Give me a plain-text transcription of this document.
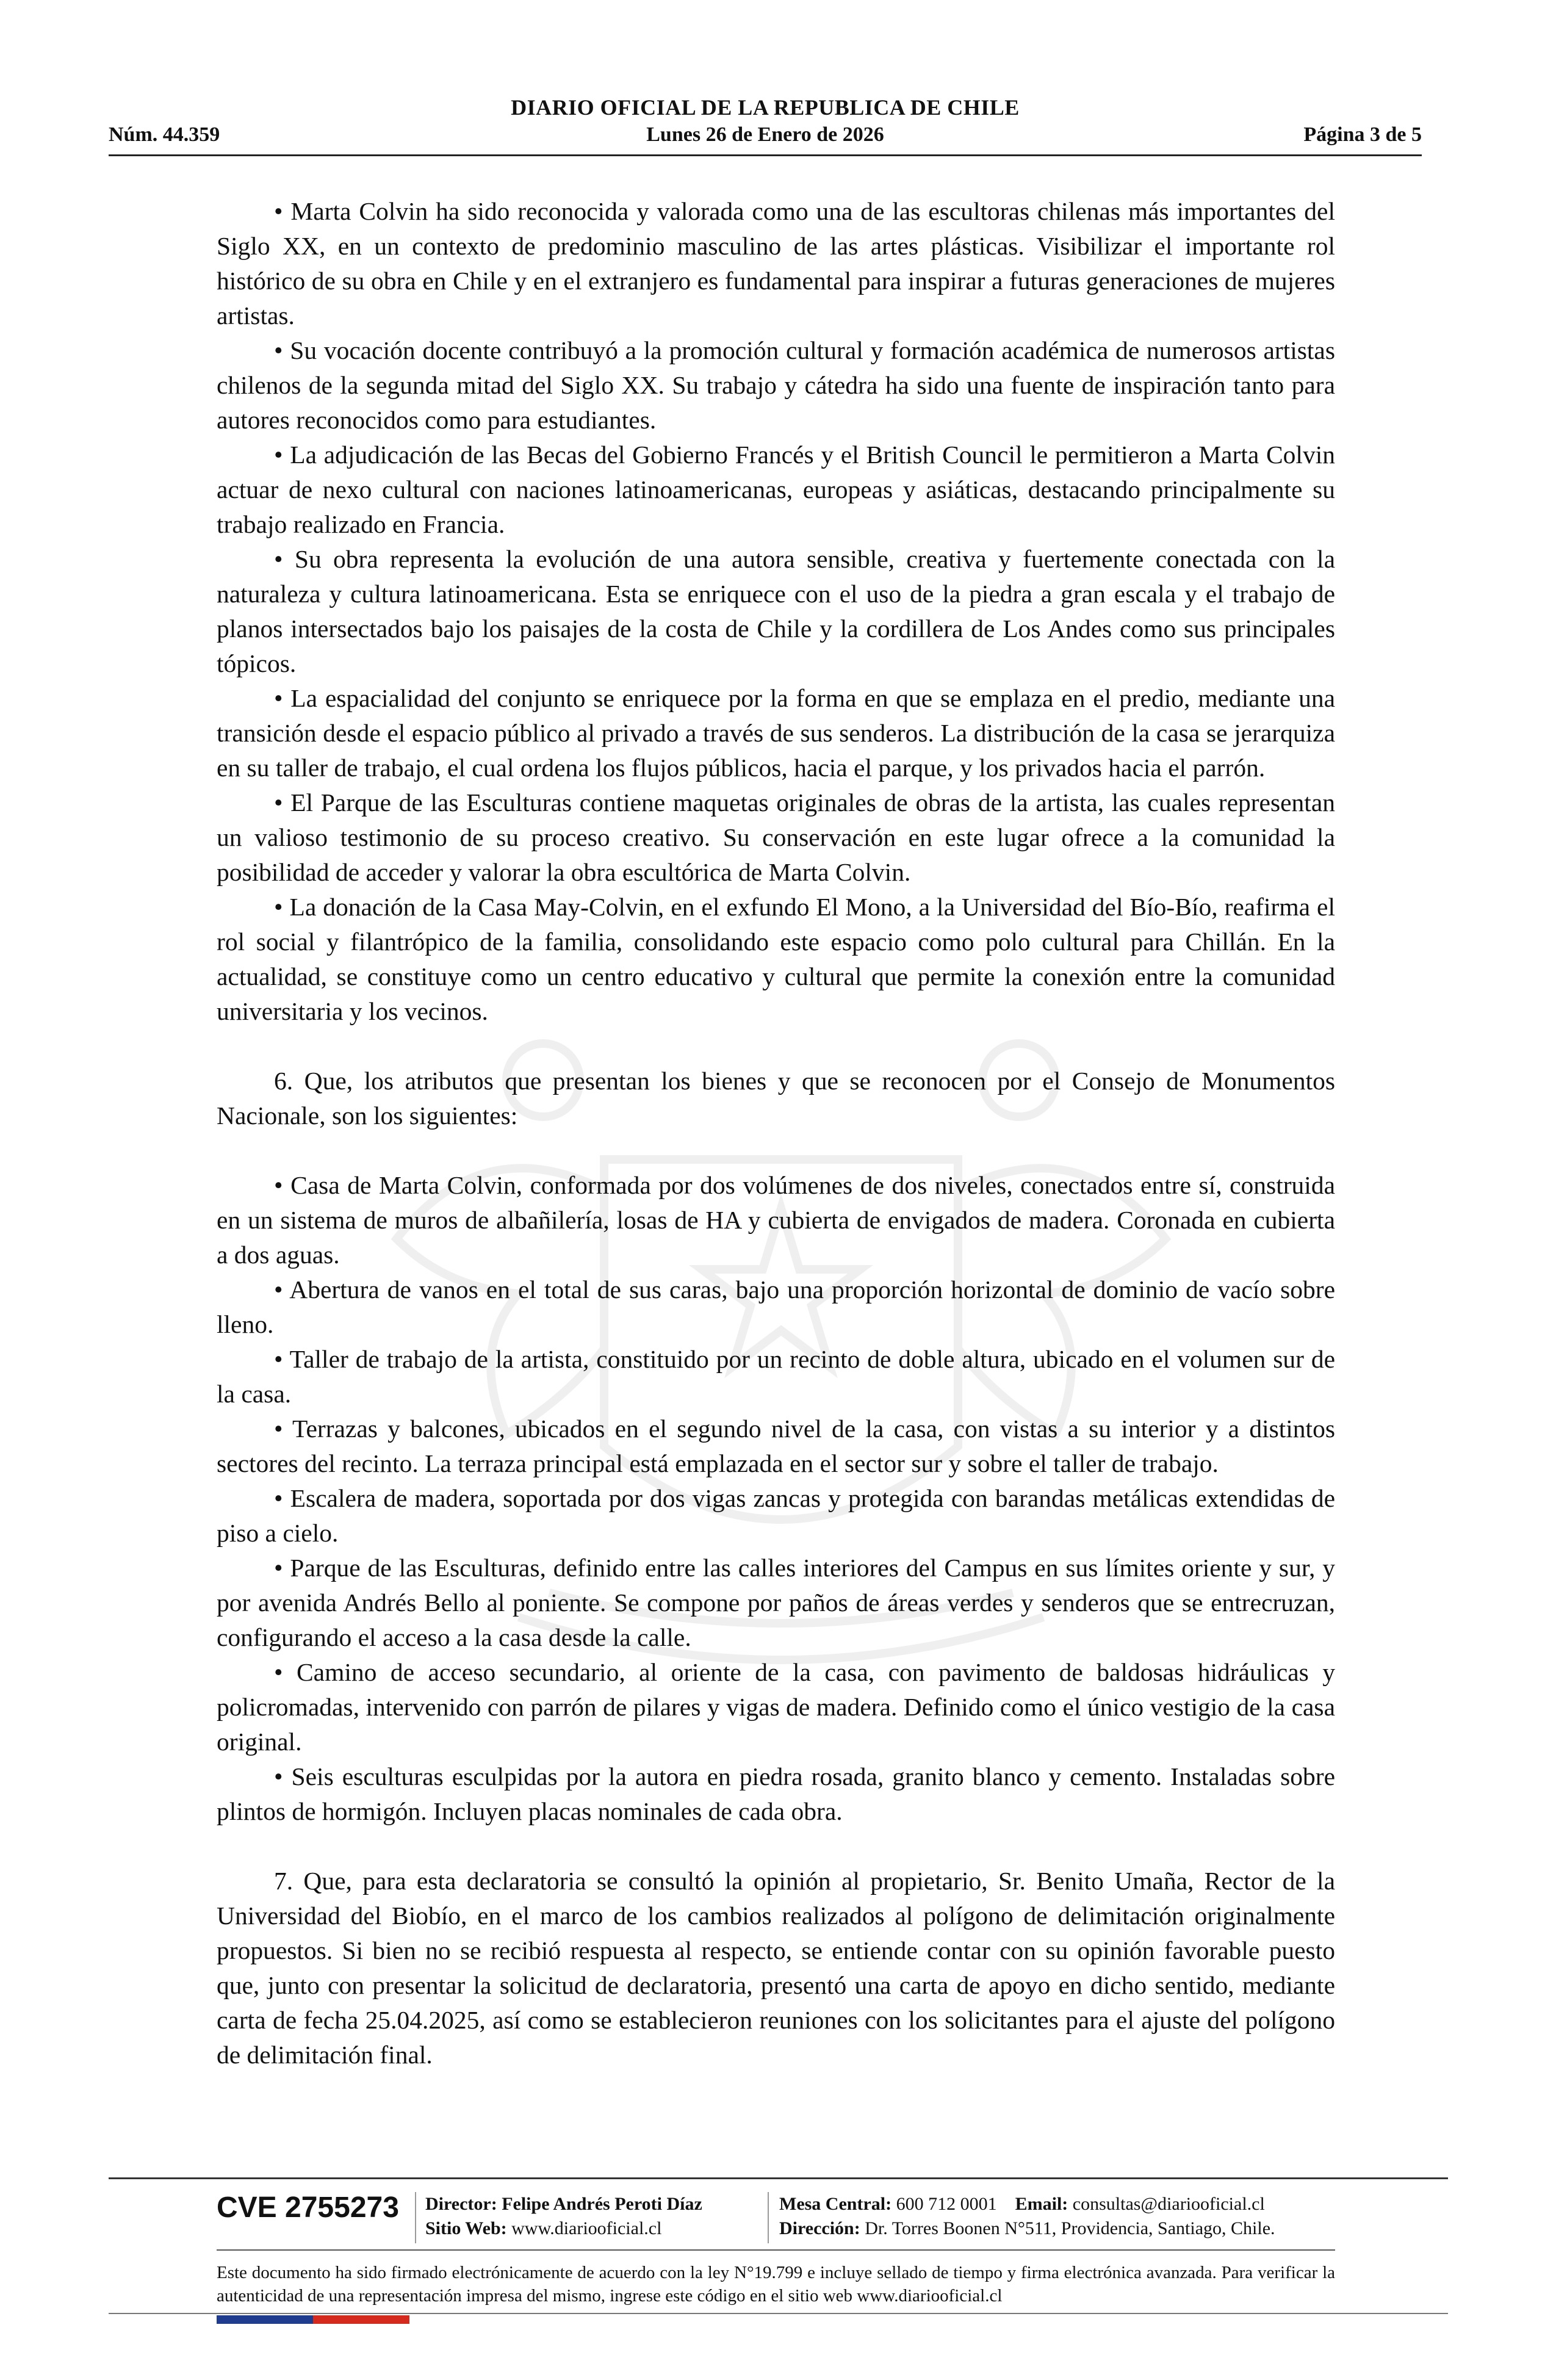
DIARIO OFICIAL DE LA REPUBLICA DE CHILE
Núm. 44.359	Lunes 26 de Enero de 2026	Página 3 de 5

• Marta Colvin ha sido reconocida y valorada como una de las escultoras chilenas más importantes del Siglo XX, en un contexto de predominio masculino de las artes plásticas. Visibilizar el importante rol histórico de su obra en Chile y en el extranjero es fundamental para inspirar a futuras generaciones de mujeres artistas.

• Su vocación docente contribuyó a la promoción cultural y formación académica de numerosos artistas chilenos de la segunda mitad del Siglo XX. Su trabajo y cátedra ha sido una fuente de inspiración tanto para autores reconocidos como para estudiantes.

• La adjudicación de las Becas del Gobierno Francés y el British Council le permitieron a Marta Colvin actuar de nexo cultural con naciones latinoamericanas, europeas y asiáticas, destacando principalmente su trabajo realizado en Francia.

• Su obra representa la evolución de una autora sensible, creativa y fuertemente conectada con la naturaleza y cultura latinoamericana. Esta se enriquece con el uso de la piedra a gran escala y el trabajo de planos intersectados bajo los paisajes de la costa de Chile y la cordillera de Los Andes como sus principales tópicos.

• La espacialidad del conjunto se enriquece por la forma en que se emplaza en el predio, mediante una transición desde el espacio público al privado a través de sus senderos. La distribución de la casa se jerarquiza en su taller de trabajo, el cual ordena los flujos públicos, hacia el parque, y los privados hacia el parrón.

• El Parque de las Esculturas contiene maquetas originales de obras de la artista, las cuales representan un valioso testimonio de su proceso creativo. Su conservación en este lugar ofrece a la comunidad la posibilidad de acceder y valorar la obra escultórica de Marta Colvin.

• La donación de la Casa May-Colvin, en el exfundo El Mono, a la Universidad del Bío-Bío, reafirma el rol social y filantrópico de la familia, consolidando este espacio como polo cultural para Chillán. En la actualidad, se constituye como un centro educativo y cultural que permite la conexión entre la comunidad universitaria y los vecinos.

6. Que, los atributos que presentan los bienes y que se reconocen por el Consejo de Monumentos Nacionale, son los siguientes:

• Casa de Marta Colvin, conformada por dos volúmenes de dos niveles, conectados entre sí, construida en un sistema de muros de albañilería, losas de HA y cubierta de envigados de madera. Coronada en cubierta a dos aguas.

• Abertura de vanos en el total de sus caras, bajo una proporción horizontal de dominio de vacío sobre lleno.

• Taller de trabajo de la artista, constituido por un recinto de doble altura, ubicado en el volumen sur de la casa.

• Terrazas y balcones, ubicados en el segundo nivel de la casa, con vistas a su interior y a distintos sectores del recinto. La terraza principal está emplazada en el sector sur y sobre el taller de trabajo.

• Escalera de madera, soportada por dos vigas zancas y protegida con barandas metálicas extendidas de piso a cielo.

• Parque de las Esculturas, definido entre las calles interiores del Campus en sus límites oriente y sur, y por avenida Andrés Bello al poniente. Se compone por paños de áreas verdes y senderos que se entrecruzan, configurando el acceso a la casa desde la calle.

• Camino de acceso secundario, al oriente de la casa, con pavimento de baldosas hidráulicas y policromadas, intervenido con parrón de pilares y vigas de madera. Definido como el único vestigio de la casa original.

• Seis esculturas esculpidas por la autora en piedra rosada, granito blanco y cemento. Instaladas sobre plintos de hormigón. Incluyen placas nominales de cada obra.

7. Que, para esta declaratoria se consultó la opinión al propietario, Sr. Benito Umaña, Rector de la Universidad del Biobío, en el marco de los cambios realizados al polígono de delimitación originalmente propuestos. Si bien no se recibió respuesta al respecto, se entiende contar con su opinión favorable puesto que, junto con presentar la solicitud de declaratoria, presentó una carta de apoyo en dicho sentido, mediante carta de fecha 25.04.2025, así como se establecieron reuniones con los solicitantes para el ajuste del polígono de delimitación final.

CVE 2755273 Director: Felipe Andrés Peroti Díaz
Sitio Web: www.diariooficial.cl
Mesa Central: 600 712 0001 Email: consultas@diariooficial.cl
Dirección: Dr. Torres Boonen N°511, Providencia, Santiago, Chile.
Este documento ha sido firmado electrónicamente de acuerdo con la ley N°19.799 e incluye sellado de tiempo y firma electrónica avanzada. Para verificar la autenticidad de una representación impresa del mismo, ingrese este código en el sitio web www.diariooficial.cl
